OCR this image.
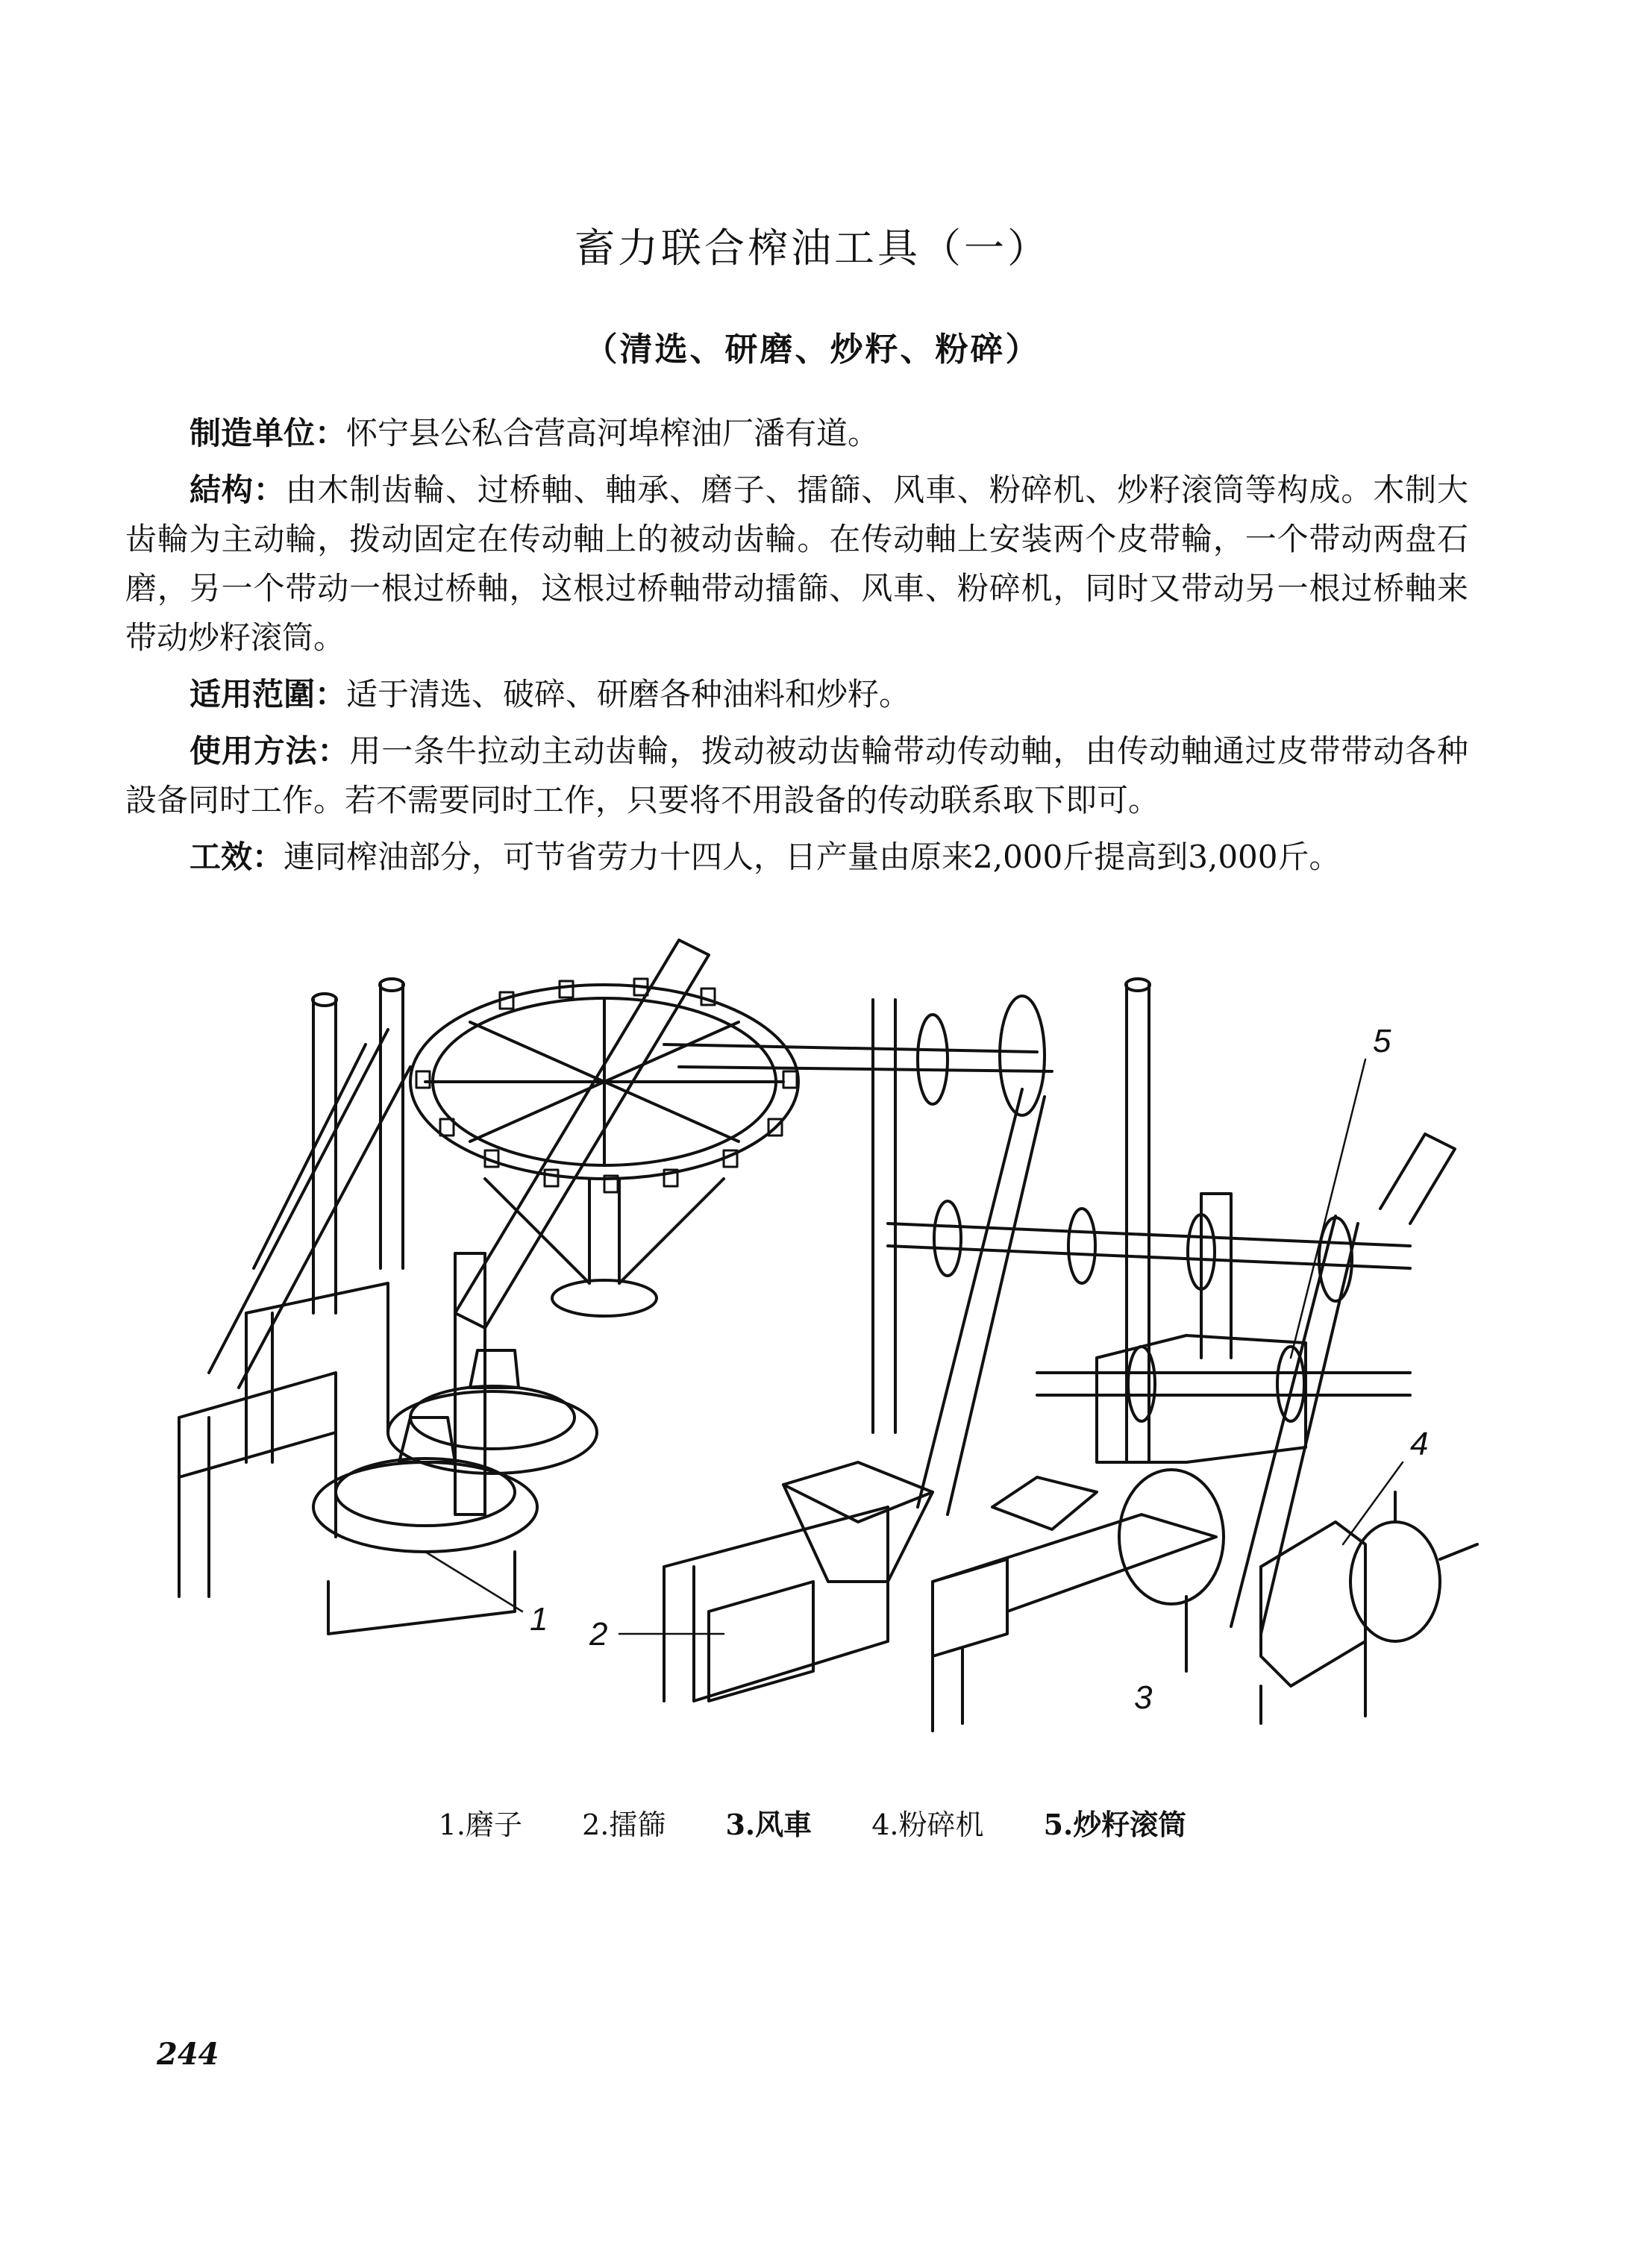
畜力联合榨油工具（一）
（清选、研磨、炒籽、粉碎）

制造单位：怀宁县公私合营高河埠榨油厂潘有道。

結构：由木制齿輪、过桥軸、軸承、磨子、擂篩、风車、粉碎机、炒籽滚筒等构成。木制大齿輪为主动輪，拨动固定在传动軸上的被动齿輪。在传动軸上安装两个皮带輪，一个带动两盘石磨，另一个带动一根过桥軸，这根过桥軸带动擂篩、风車、粉碎机，同时又带动另一根过桥軸来带动炒籽滚筒。

适用范圍：适于清选、破碎、研磨各种油料和炒籽。

使用方法：用一条牛拉动主动齿輪，拨动被动齿輪带动传动軸，由传动軸通过皮带带动各种設备同时工作。若不需要同时工作，只要将不用設备的传动联系取下即可。

工效：連同榨油部分，可节省劳力十四人，日产量由原来2,000斤提高到3,000斤。

1 2
3
4
5
1.磨子 2.擂篩 3.风車 4.粉碎机 5.炒籽滚筒
244
